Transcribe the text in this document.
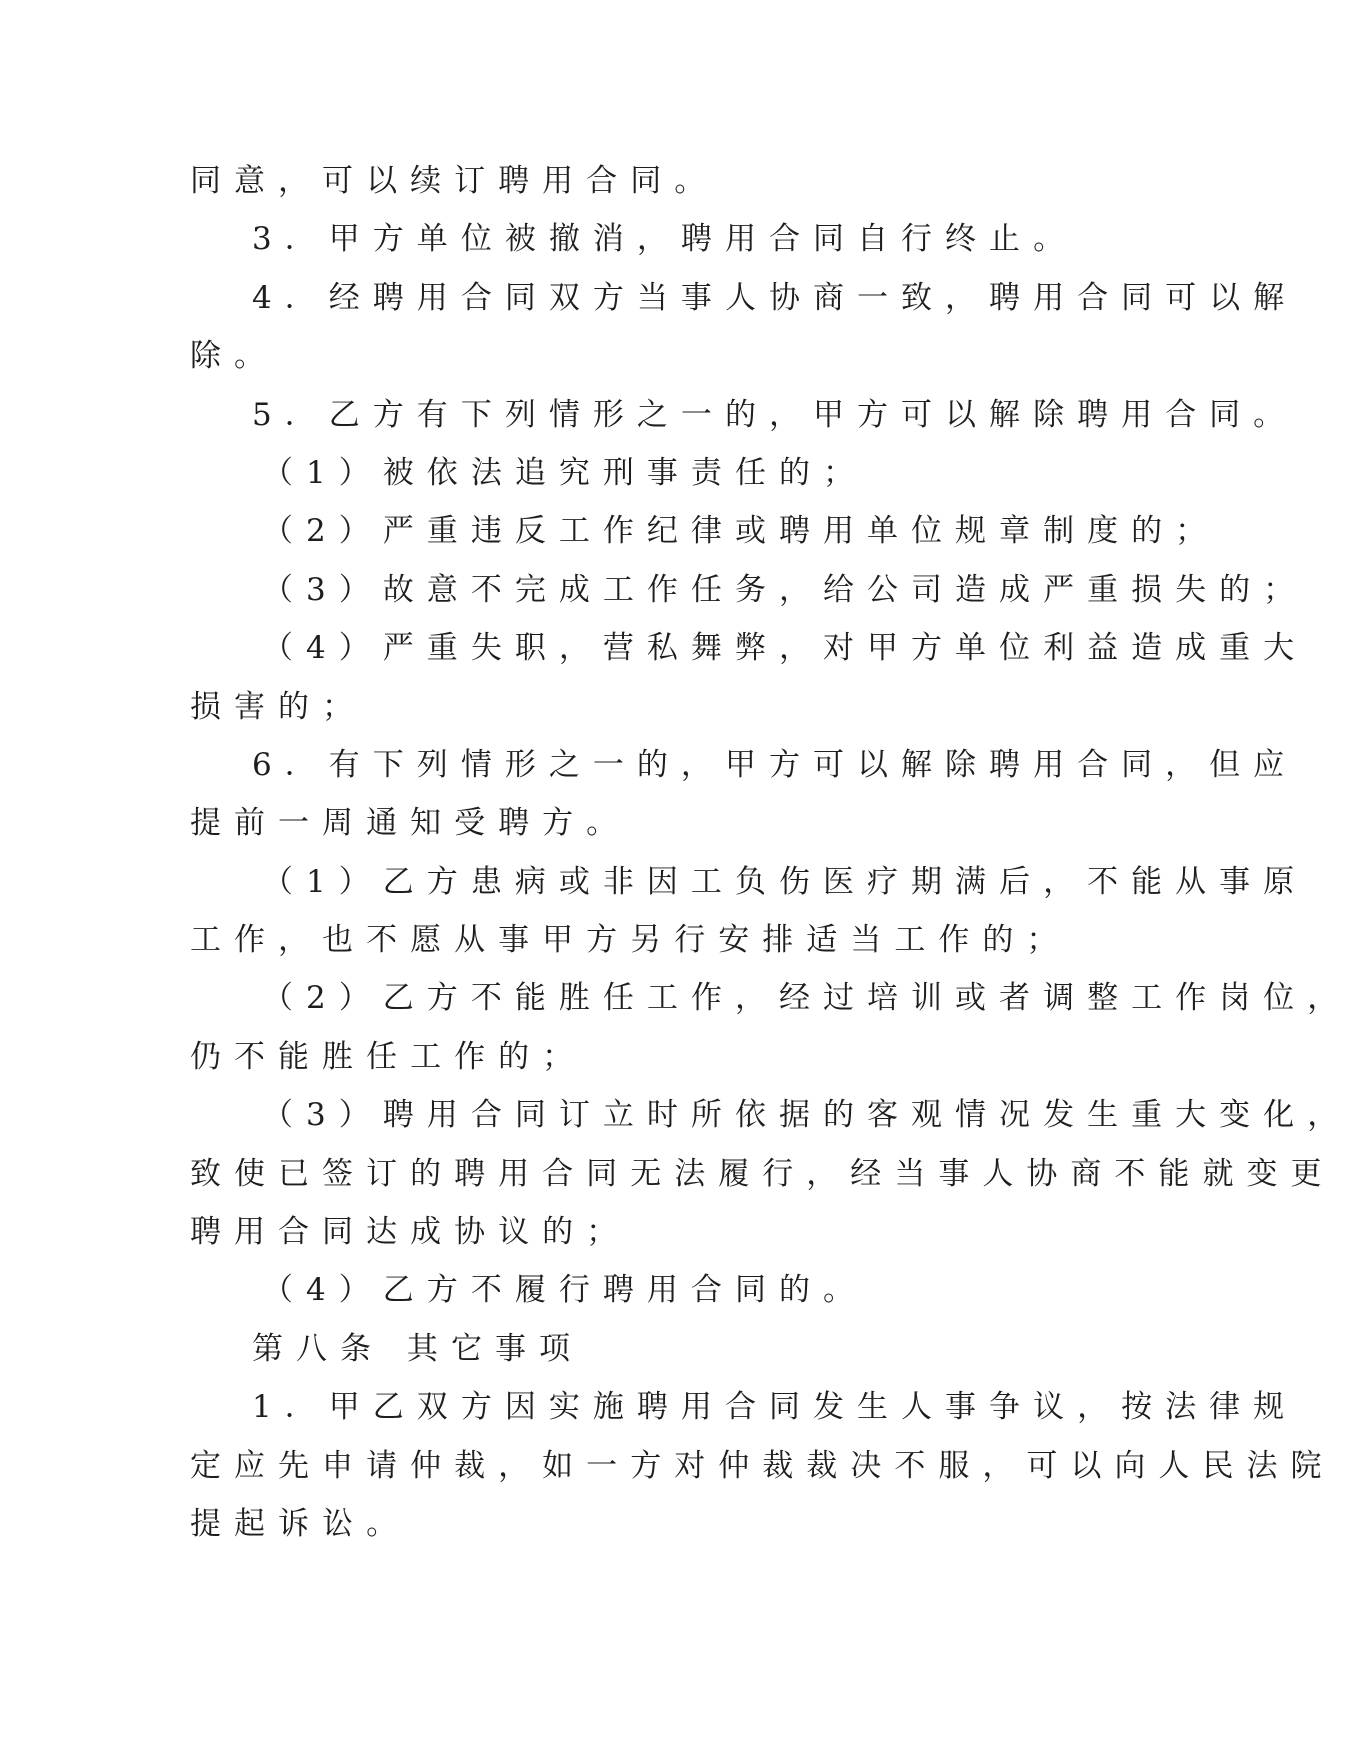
同意，可以续订聘用合同。

3．甲方单位被撤消，聘用合同自行终止。

4．经聘用合同双方当事人协商一致，聘用合同可以解

除。

5．乙方有下列情形之一的，甲方可以解除聘用合同。

（1）被依法追究刑事责任的；

（2）严重违反工作纪律或聘用单位规章制度的；

（3）故意不完成工作任务，给公司造成严重损失的；

（4）严重失职，营私舞弊，对甲方单位利益造成重大

损害的；

6．有下列情形之一的，甲方可以解除聘用合同，但应

提前一周通知受聘方。

（1）乙方患病或非因工负伤医疗期满后，不能从事原

工作，也不愿从事甲方另行安排适当工作的；

（2）乙方不能胜任工作，经过培训或者调整工作岗位，

仍不能胜任工作的；

（3）聘用合同订立时所依据的客观情况发生重大变化，

致使已签订的聘用合同无法履行，经当事人协商不能就变更

聘用合同达成协议的；

（4）乙方不履行聘用合同的。

第八条 其它事项

1．甲乙双方因实施聘用合同发生人事争议，按法律规

定应先申请仲裁，如一方对仲裁裁决不服，可以向人民法院

提起诉讼。
